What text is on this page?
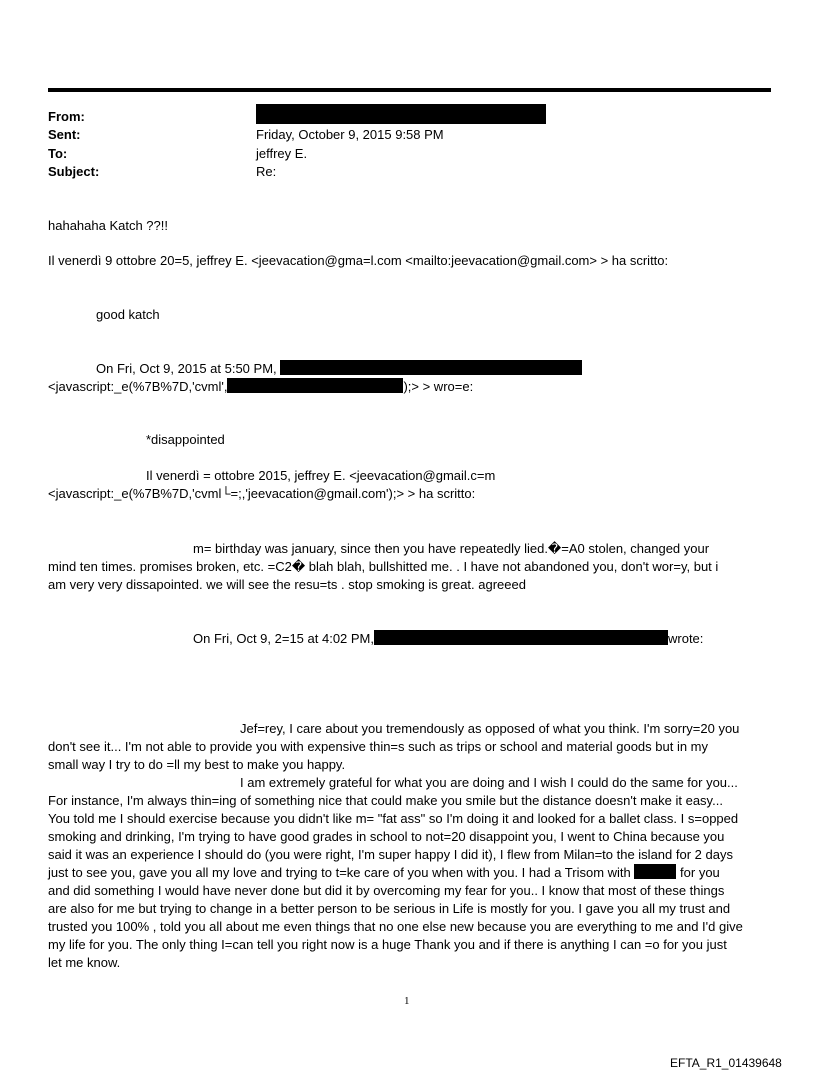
From:
Sent:	Friday, October 9, 2015 9:58 PM
To:	jeffrey E.
Subject:	Re:
hahahaha Katch ??!!
Il venerdì 9 ottobre 20=5, jeffrey E. <jeevacation@gma=l.com <mailto:jeevacation@gmail.com> > ha scritto:
good katch
On Fri, Oct 9, 2015 at 5:50 PM,
<javascript:_e(%7B%7D,'cvml',	);> > wro=e:
*disappointed
Il venerdì = ottobre 2015, jeffrey E. <jeevacation@gmail.c=m
<javascript:_e(%7B%7D,'cvml└=;,'jeevacation@gmail.com');> > ha scritto:
m= birthday was january, since then you have repeatedly lied.�=A0 stolen, changed your
mind ten times. promises broken, etc. =C2� blah blah, bullshitted me. . I have not abandoned you, don't wor=y, but i
am very very dissapointed. we will see the resu=ts . stop smoking is great. agreeed
On Fri, Oct 9, 2=15 at 4:02 PM,	wrote:
Jef=rey, I care about you tremendously as opposed of what you think. I'm sorry=20 you
don't see it... I'm not able to provide you with expensive thin=s such as trips or school and material goods but in my
small way I try to do =ll my best to make you happy.
I am extremely grateful for what you are doing and I wish I could do the same for you...
For instance, I'm always thin=ing of something nice that could make you smile but the distance doesn't make it easy...
You told me I should exercise because you didn't like m= "fat ass" so I'm doing it and looked for a ballet class. I s=opped
smoking and drinking, I'm trying to have good grades in school to not=20 disappoint you, I went to China because you
said it was an experience I should do (you were right, I'm super happy I did it), I flew from Milan=to the island for 2 days
just to see you, gave you all my love and trying to t=ke care of you when with you. I had a Trisom with	for you
and did something I would have never done but did it by overcoming my fear for you.. I know that most of these things
are also for me but trying to change in a better person to be serious in Life is mostly for you. I gave you all my trust and
trusted you 100% , told you all about me even things that no one else new because you are everything to me and I'd give
my life for you. The only thing I=can tell you right now is a huge Thank you and if there is anything I can =o for you just
let me know.
1
EFTA_R1_01439648
